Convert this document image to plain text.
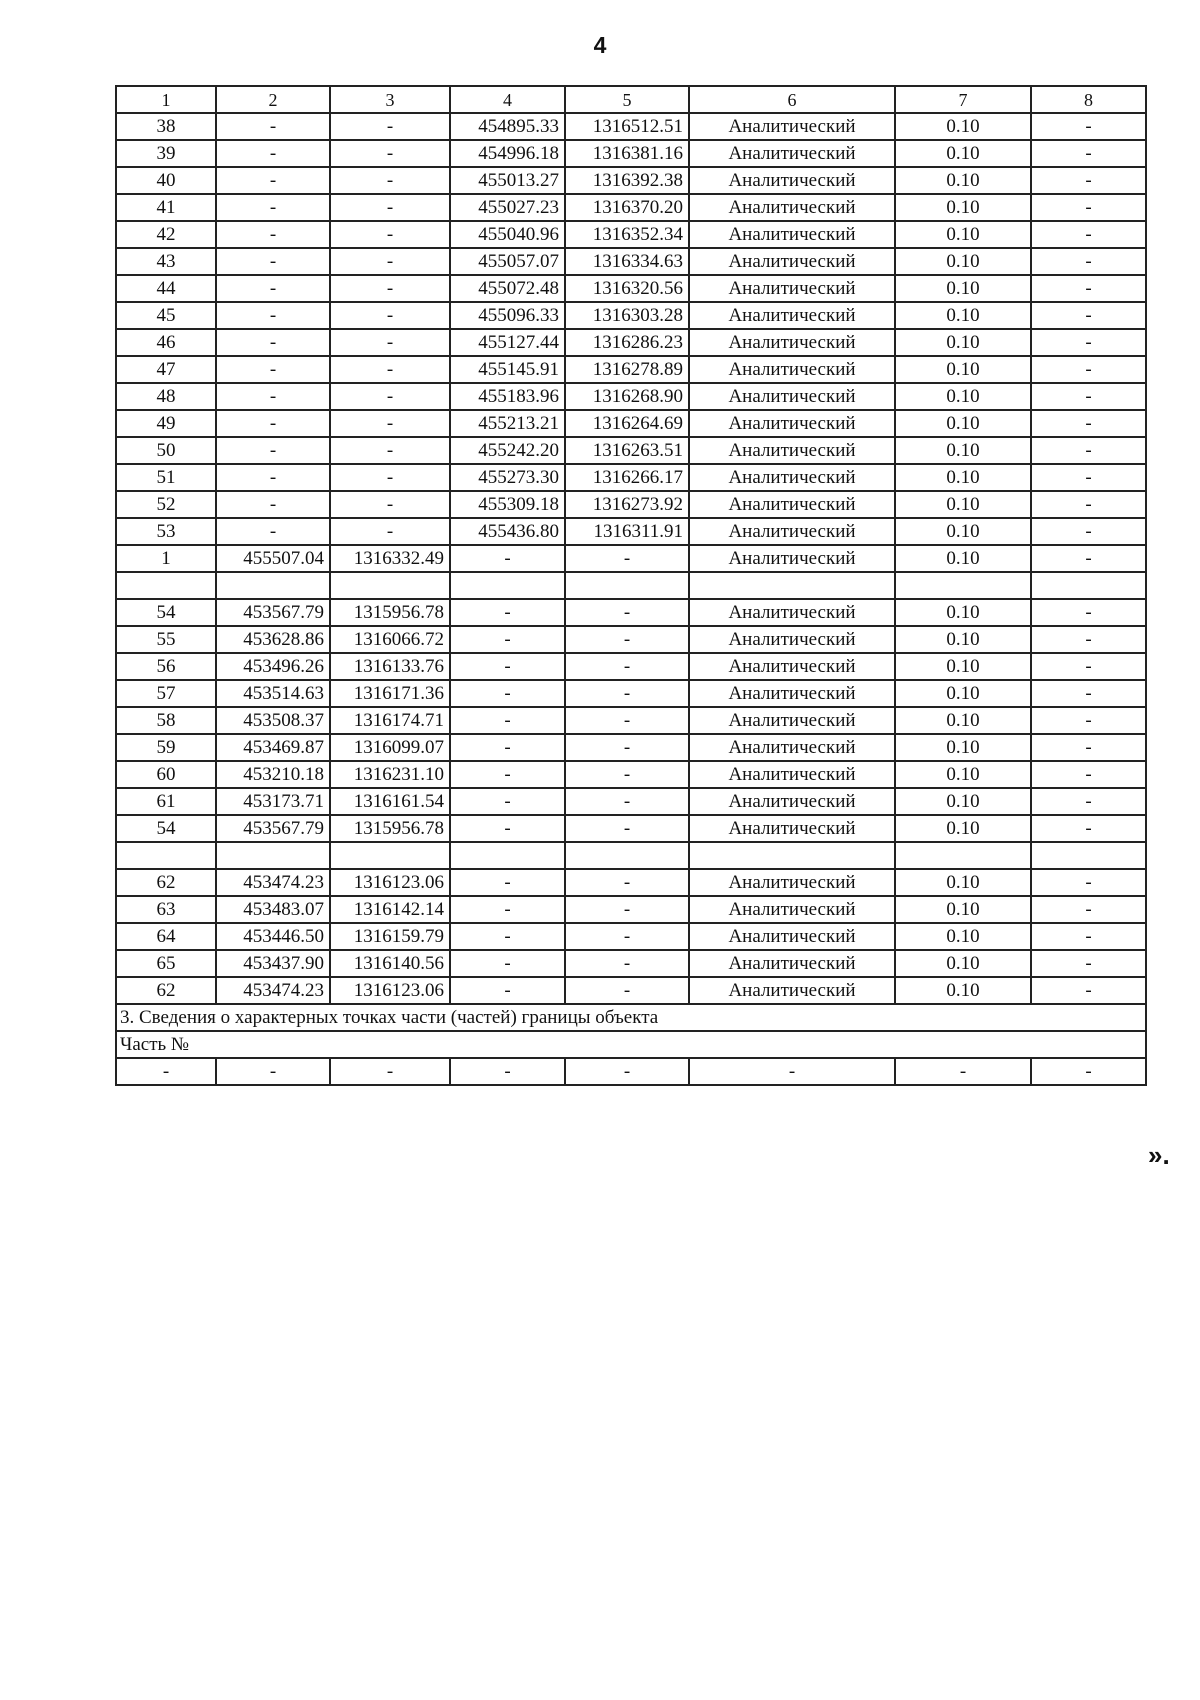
4
1	2	3	4	5	6	7	8
38	-	-	454895.33	1316512.51	Аналитический	0.10	-
39	-	-	454996.18	1316381.16	Аналитический	0.10	-
40	-	-	455013.27	1316392.38	Аналитический	0.10	-
41	-	-	455027.23	1316370.20	Аналитический	0.10	-
42	-	-	455040.96	1316352.34	Аналитический	0.10	-
43	-	-	455057.07	1316334.63	Аналитический	0.10	-
44	-	-	455072.48	1316320.56	Аналитический	0.10	-
45	-	-	455096.33	1316303.28	Аналитический	0.10	-
46	-	-	455127.44	1316286.23	Аналитический	0.10	-
47	-	-	455145.91	1316278.89	Аналитический	0.10	-
48	-	-	455183.96	1316268.90	Аналитический	0.10	-
49	-	-	455213.21	1316264.69	Аналитический	0.10	-
50	-	-	455242.20	1316263.51	Аналитический	0.10	-
51	-	-	455273.30	1316266.17	Аналитический	0.10	-
52	-	-	455309.18	1316273.92	Аналитический	0.10	-
53	-	-	455436.80	1316311.91	Аналитический	0.10	-
1	455507.04	1316332.49	-	-	Аналитический	0.10	-

54	453567.79	1315956.78	-	-	Аналитический	0.10	-
55	453628.86	1316066.72	-	-	Аналитический	0.10	-
56	453496.26	1316133.76	-	-	Аналитический	0.10	-
57	453514.63	1316171.36	-	-	Аналитический	0.10	-
58	453508.37	1316174.71	-	-	Аналитический	0.10	-
59	453469.87	1316099.07	-	-	Аналитический	0.10	-
60	453210.18	1316231.10	-	-	Аналитический	0.10	-
61	453173.71	1316161.54	-	-	Аналитический	0.10	-
54	453567.79	1315956.78	-	-	Аналитический	0.10	-

62	453474.23	1316123.06	-	-	Аналитический	0.10	-
63	453483.07	1316142.14	-	-	Аналитический	0.10	-
64	453446.50	1316159.79	-	-	Аналитический	0.10	-
65	453437.90	1316140.56	-	-	Аналитический	0.10	-
62	453474.23	1316123.06	-	-	Аналитический	0.10	-
3. Сведения о характерных точках части (частей) границы объекта							
Часть №							
-	-	-	-	-	-	-	-
».
